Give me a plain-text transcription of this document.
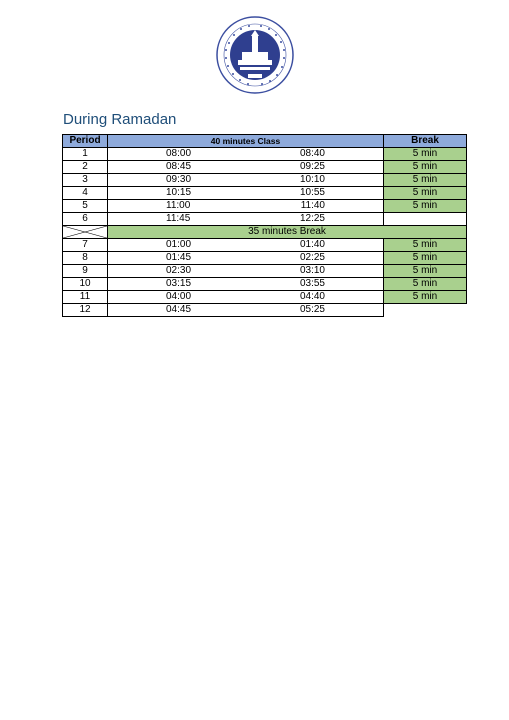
During Ramadan
Period	40 minutes Class	Break
1	08:00 08:40	5 min
2	08:45 09:25	5 min
3	09:30 10:10	5 min
4	10:15 10:55	5 min
5	11:00 11:40	5 min
6	11:45 12:25	

	35 minutes Break	
7	01:00 01:40	5 min
8	01:45 02:25	5 min
9	02:30 03:10	5 min
10	03:15 03:55	5 min
11	04:00 04:40	5 min
12	04:45 05:25	
